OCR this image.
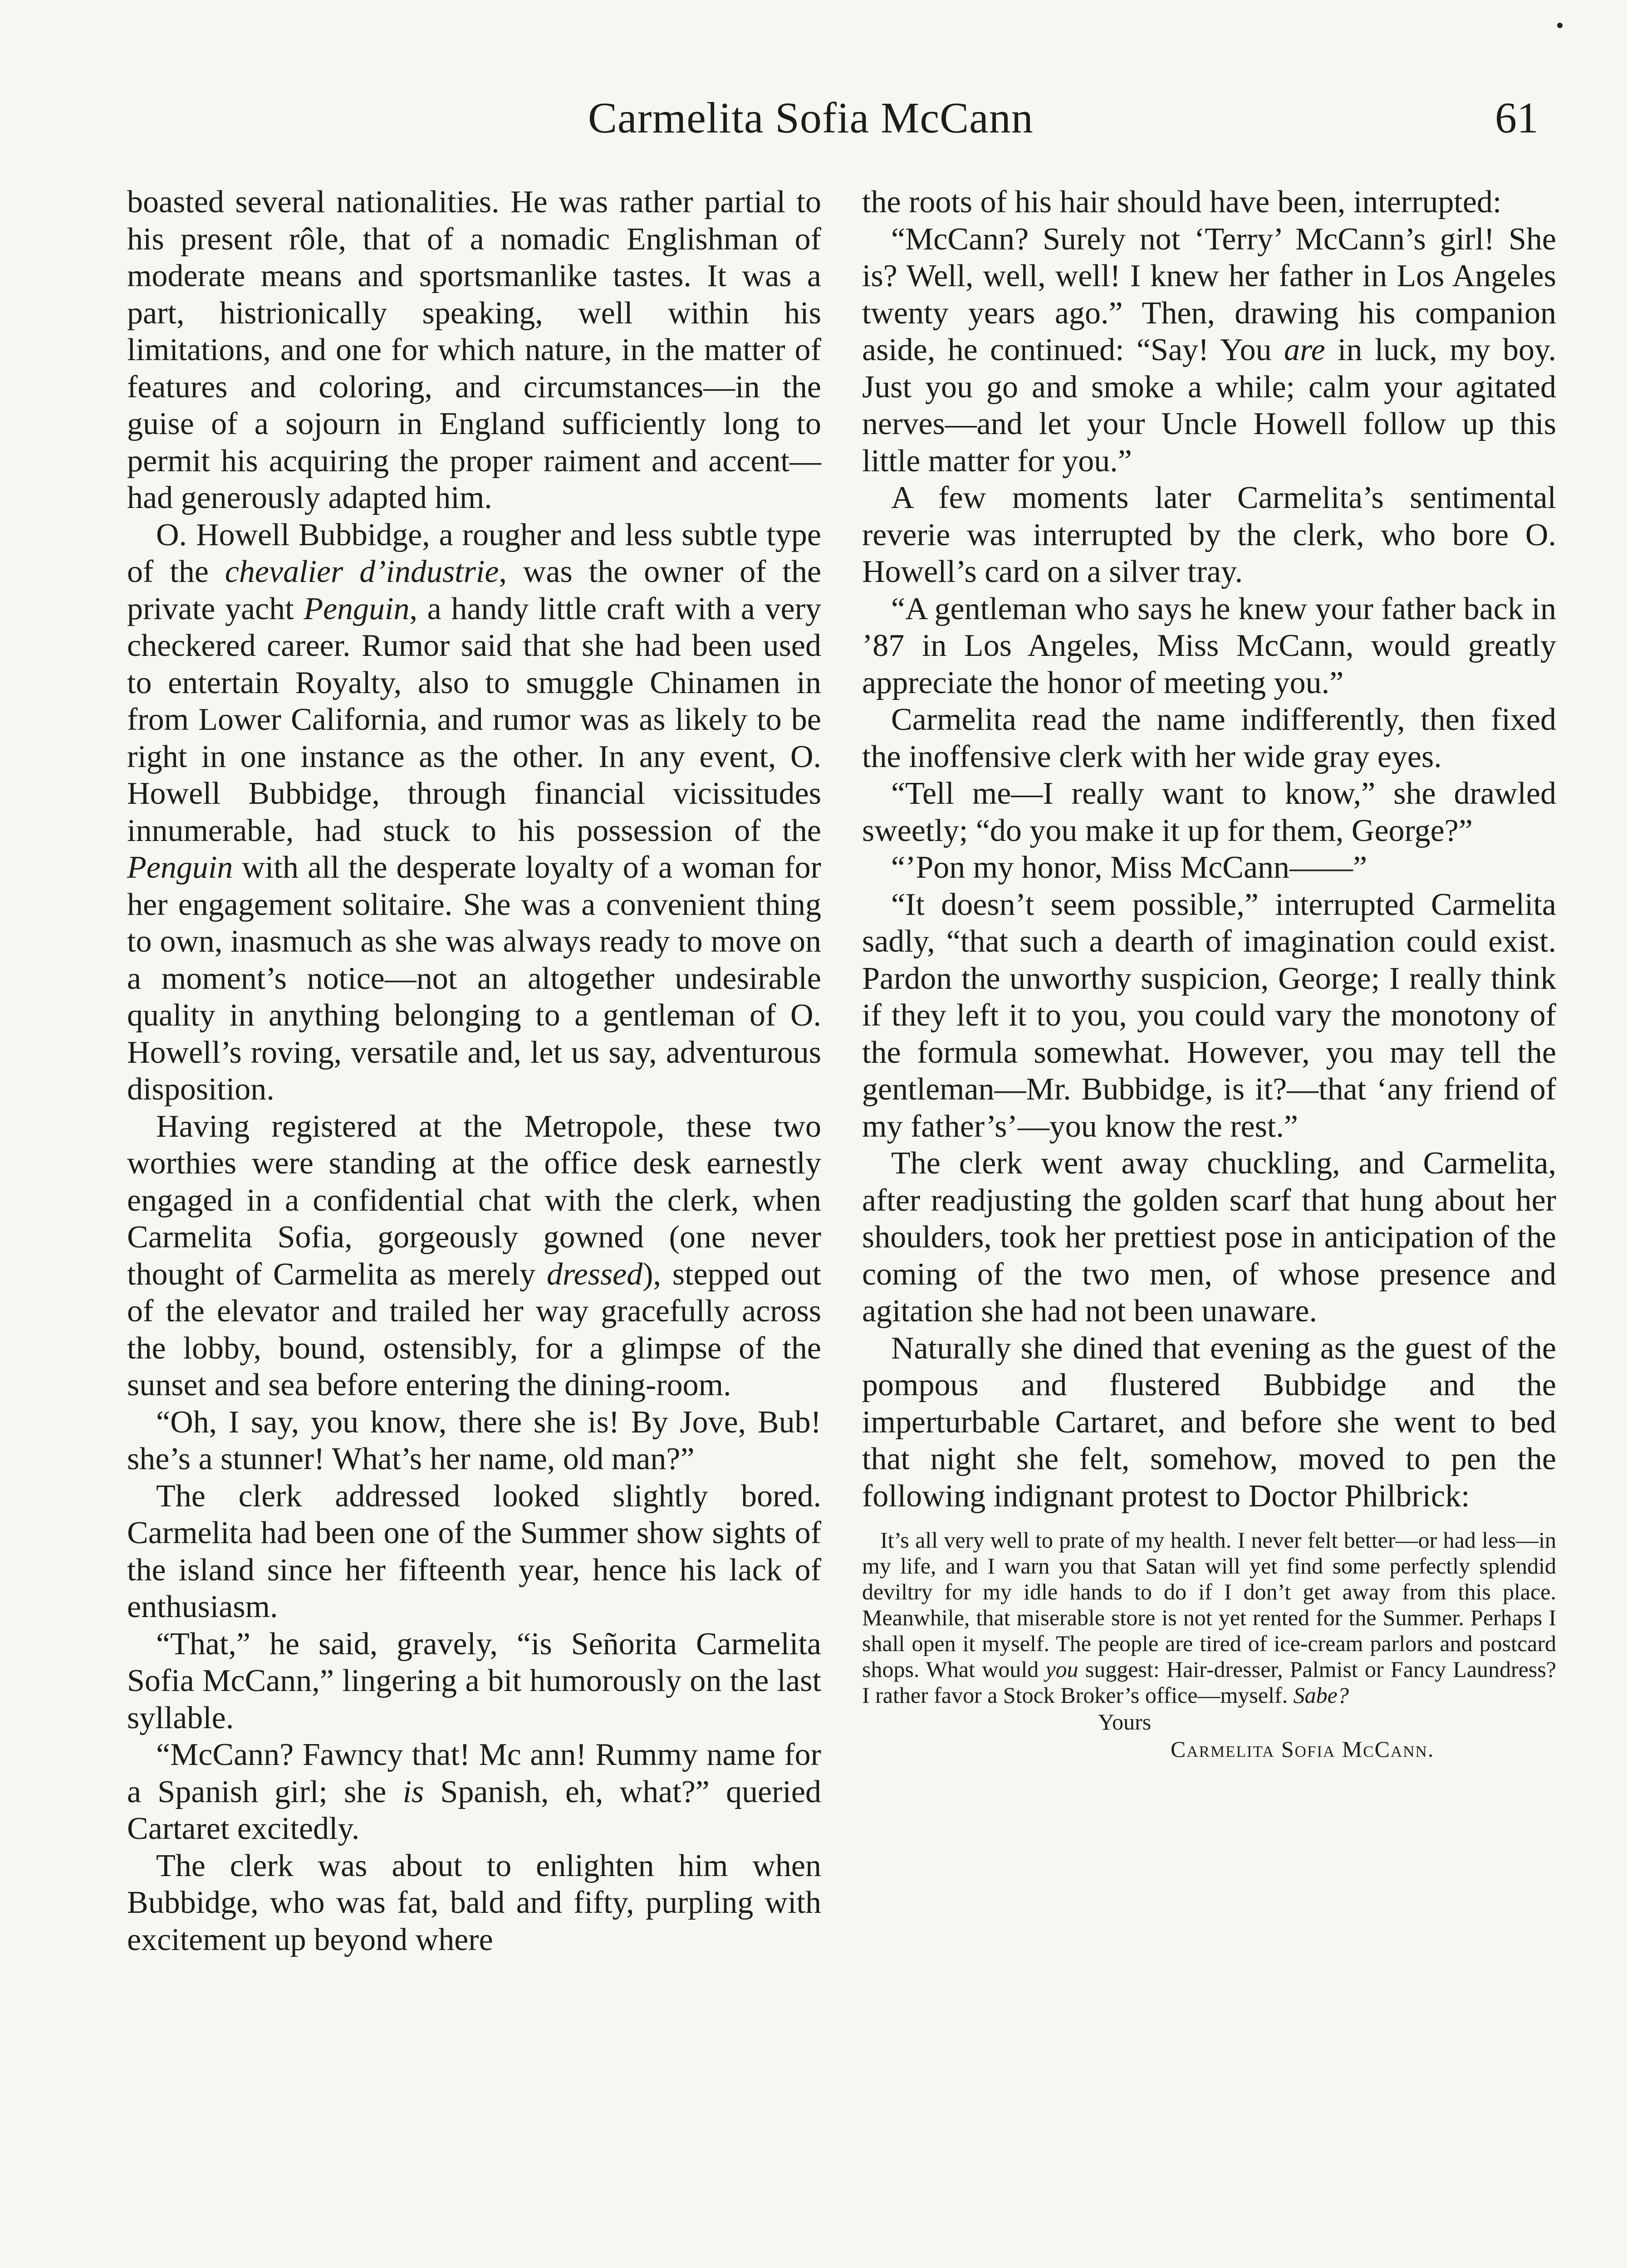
Carmelita Sofia McCann	61

boasted several nationalities. He was rather partial to his present rôle, that of a nomadic Englishman of moderate means and sportsmanlike tastes. It was a part, histrionically speaking, well within his limitations, and one for which nature, in the matter of features and coloring, and circumstances—in the guise of a sojourn in England sufficiently long to permit his acquiring the proper raiment and accent—had generously adapted him.

O. Howell Bubbidge, a rougher and less subtle type of the chevalier d’industrie, was the owner of the private yacht Penguin, a handy little craft with a very checkered career. Rumor said that she had been used to entertain Royalty, also to smuggle Chinamen in from Lower California, and rumor was as likely to be right in one instance as the other. In any event, O. Howell Bubbidge, through financial vicissitudes innumerable, had stuck to his possession of the Penguin with all the desperate loyalty of a woman for her engagement solitaire. She was a convenient thing to own, inasmuch as she was always ready to move on a moment’s notice—not an altogether undesirable quality in anything belonging to a gentleman of O. Howell’s roving, versatile and, let us say, adventurous disposition.

Having registered at the Metropole, these two worthies were standing at the office desk earnestly engaged in a confidential chat with the clerk, when Carmelita Sofia, gorgeously gowned (one never thought of Carmelita as merely dressed), stepped out of the elevator and trailed her way gracefully across the lobby, bound, ostensibly, for a glimpse of the sunset and sea before entering the dining-room.

“Oh, I say, you know, there she is! By Jove, Bub! she’s a stunner! What’s her name, old man?”

The clerk addressed looked slightly bored. Carmelita had been one of the Summer show sights of the island since her fifteenth year, hence his lack of enthusiasm.

“That,” he said, gravely, “is Señorita Carmelita Sofia McCann,” lingering a bit humorously on the last syllable.

“McCann? Fawncy that! Mc ann! Rummy name for a Spanish girl; she is Spanish, eh, what?” queried Cartaret excitedly.

The clerk was about to enlighten him when Bubbidge, who was fat, bald and fifty, purpling with excitement up beyond where

the roots of his hair should have been, interrupted:

“McCann? Surely not ‘Terry’ McCann’s girl! She is? Well, well, well! I knew her father in Los Angeles twenty years ago.” Then, drawing his companion aside, he continued: “Say! You are in luck, my boy. Just you go and smoke a while; calm your agitated nerves—and let your Uncle Howell follow up this little matter for you.”

A few moments later Carmelita’s sentimental reverie was interrupted by the clerk, who bore O. Howell’s card on a silver tray.

“A gentleman who says he knew your father back in ’87 in Los Angeles, Miss McCann, would greatly appreciate the honor of meeting you.”

Carmelita read the name indifferently, then fixed the inoffensive clerk with her wide gray eyes.

“Tell me—I really want to know,” she drawled sweetly; “do you make it up for them, George?”

“’Pon my honor, Miss McCann——”

“It doesn’t seem possible,” interrupted Carmelita sadly, “that such a dearth of imagination could exist. Pardon the unworthy suspicion, George; I really think if they left it to you, you could vary the monotony of the formula somewhat. However, you may tell the gentleman—Mr. Bubbidge, is it?—that ‘any friend of my father’s’—you know the rest.”

The clerk went away chuckling, and Carmelita, after readjusting the golden scarf that hung about her shoulders, took her prettiest pose in anticipation of the coming of the two men, of whose presence and agitation she had not been unaware.

Naturally she dined that evening as the guest of the pompous and flustered Bubbidge and the imperturbable Cartaret, and before she went to bed that night she felt, somehow, moved to pen the following indignant protest to Doctor Philbrick:

It’s all very well to prate of my health. I never felt better—or had less—in my life, and I warn you that Satan will yet find some perfectly splendid deviltry for my idle hands to do if I don’t get away from this place. Meanwhile, that miserable store is not yet rented for the Summer. Perhaps I shall open it myself. The people are tired of ice-cream parlors and postcard shops. What would you suggest: Hair-dresser, Palmist or Fancy Laundress? I rather favor a Stock Broker’s office—myself. Sabe?
Yours
Carmelita Sofia McCann.
